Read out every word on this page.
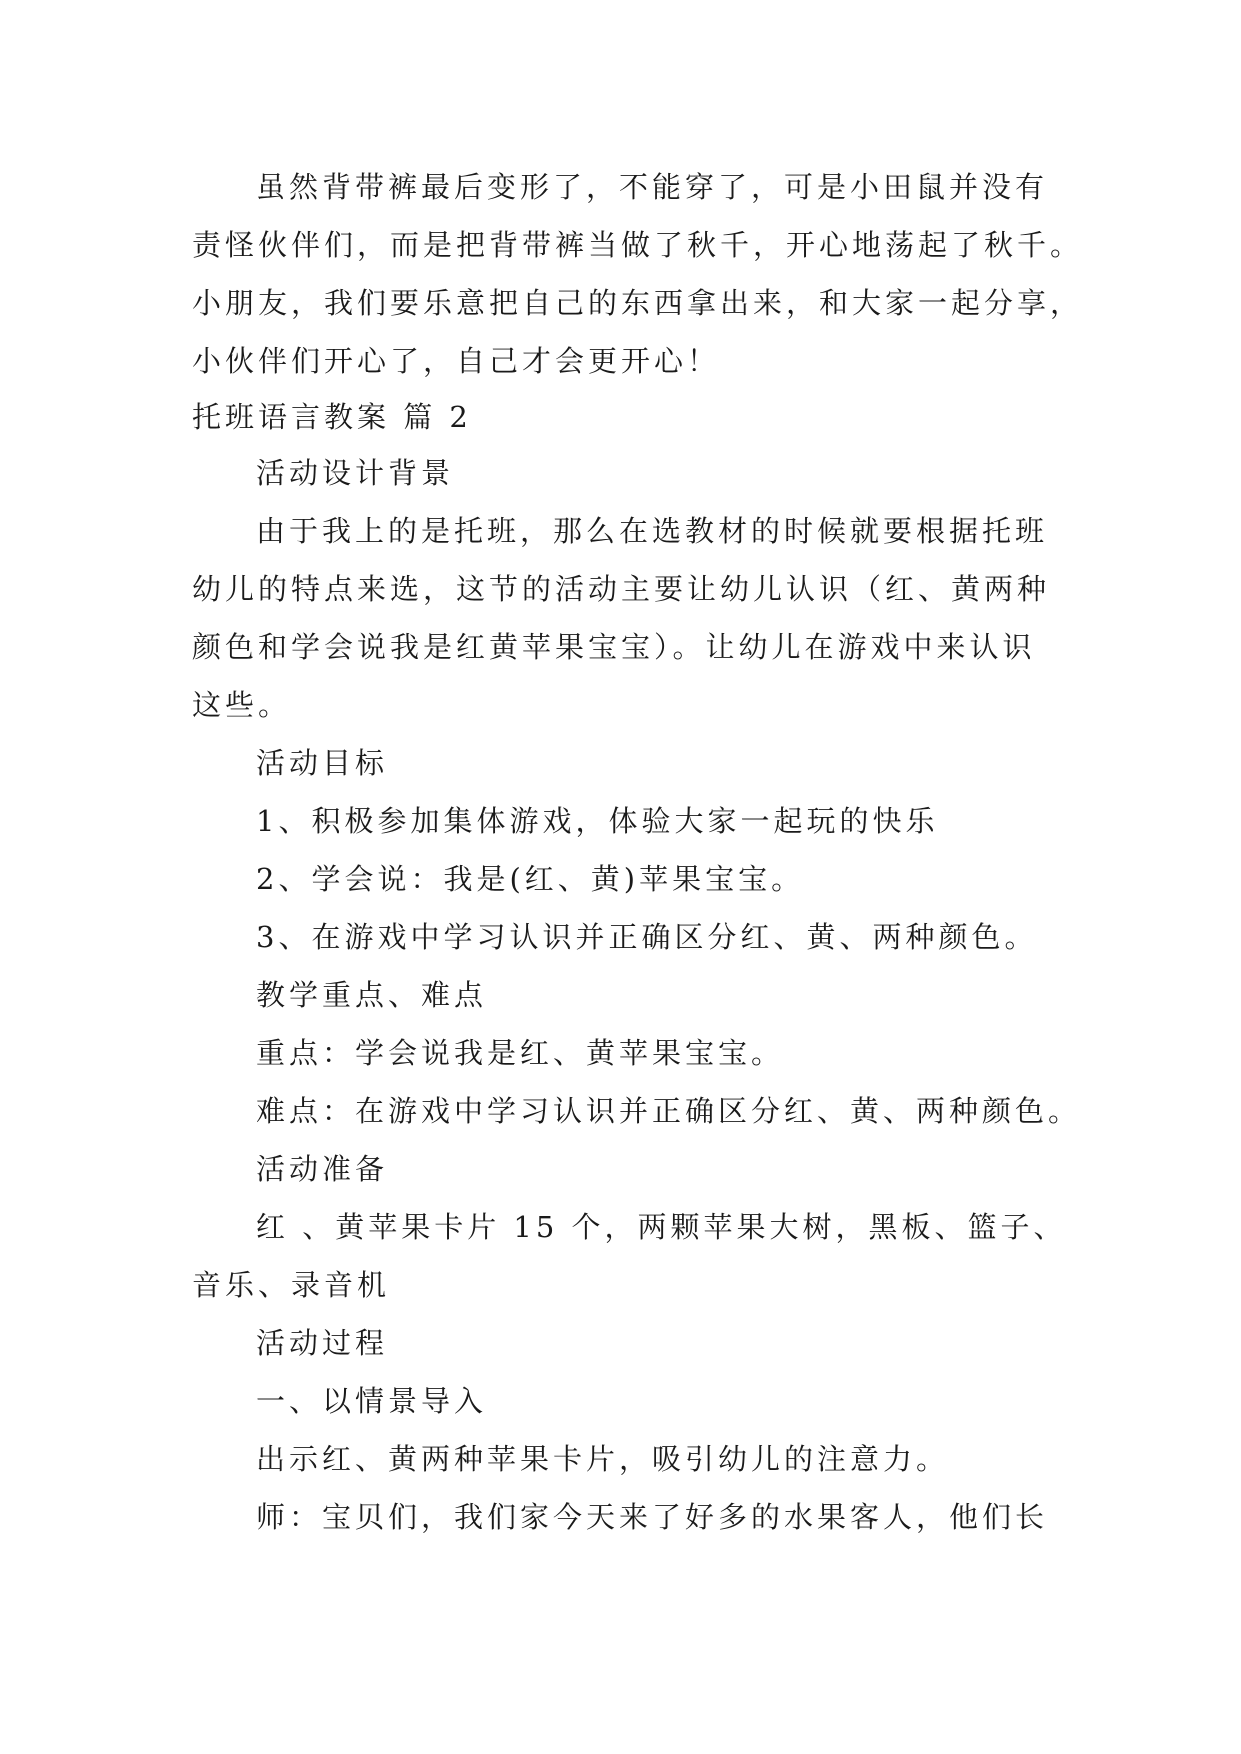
虽然背带裤最后变形了，不能穿了，可是小田鼠并没有
责怪伙伴们，而是把背带裤当做了秋千，开心地荡起了秋千。
小朋友，我们要乐意把自己的东西拿出来，和大家一起分享，
小伙伴们开心了，自己才会更开心！
托班语言教案 篇 2
活动设计背景
由于我上的是托班，那么在选教材的时候就要根据托班
幼儿的特点来选，这节的活动主要让幼儿认识（红、黄两种
颜色和学会说我是红黄苹果宝宝）。让幼儿在游戏中来认识
这些。
活动目标
1、积极参加集体游戏，体验大家一起玩的快乐
2、学会说：我是(红、黄)苹果宝宝。
3、在游戏中学习认识并正确区分红、黄、两种颜色。
教学重点、难点
重点：学会说我是红、黄苹果宝宝。
难点：在游戏中学习认识并正确区分红、黄、两种颜色。
活动准备
红 、黄苹果卡片 15 个，两颗苹果大树，黑板、篮子、
音乐、录音机
活动过程
一、以情景导入
出示红、黄两种苹果卡片，吸引幼儿的注意力。
师：宝贝们，我们家今天来了好多的水果客人，他们长
